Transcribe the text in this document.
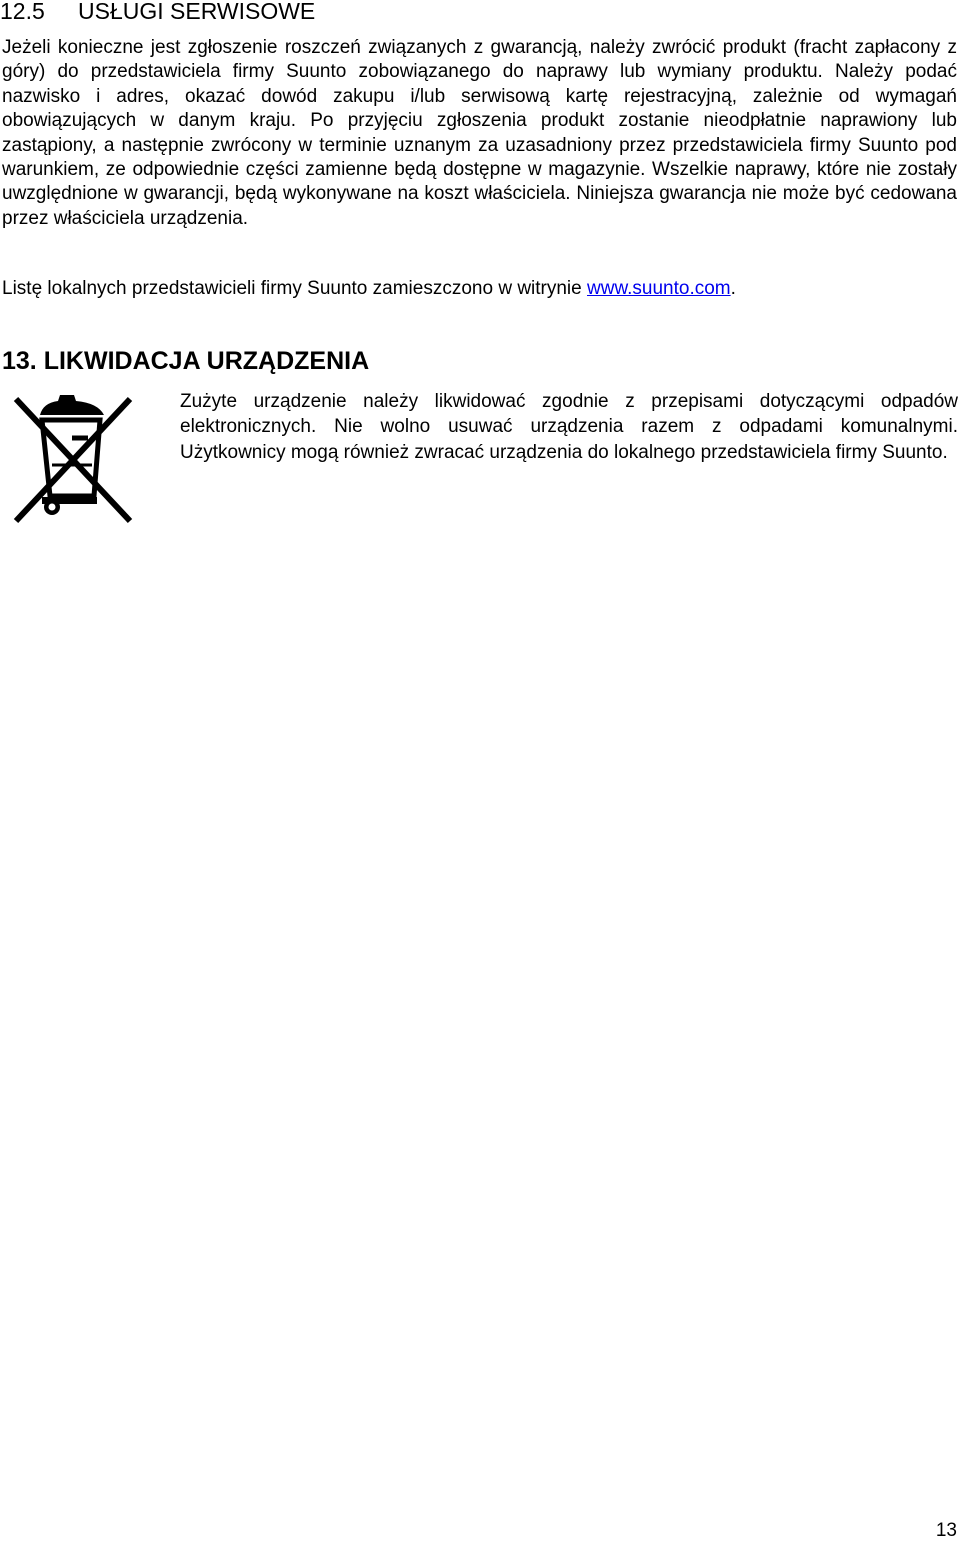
12.5 USŁUGI SERWISOWE

Jeżeli konieczne jest zgłoszenie roszczeń związanych z gwarancją, należy zwrócić produkt (fracht zapłacony z góry) do przedstawiciela firmy Suunto zobowiązanego do naprawy lub wymiany produktu. Należy podać nazwisko i adres, okazać dowód zakupu i/lub serwisową kartę rejestracyjną, zależnie od wymagań obowiązujących w danym kraju. Po przyjęciu zgłoszenia produkt zostanie nieodpłatnie naprawiony lub zastąpiony, a następnie zwrócony w terminie uznanym za uzasadniony przez przedstawiciela firmy Suunto pod warunkiem, ze odpowiednie części zamienne będą dostępne w magazynie. Wszelkie naprawy, które nie zostały uwzględnione w gwarancji, będą wykonywane na koszt właściciela. Niniejsza gwarancja nie może być cedowana przez właściciela urządzenia.

Listę lokalnych przedstawicieli firmy Suunto zamieszczono w witrynie www.suunto.com.

13. LIKWIDACJA URZĄDZENIA

Zużyte urządzenie należy likwidować zgodnie z przepisami dotyczącymi odpadów elektronicznych. Nie wolno usuwać urządzenia razem z odpadami komunalnymi. Użytkownicy mogą również zwracać urządzenia do lokalnego przedstawiciela firmy Suunto.

13
